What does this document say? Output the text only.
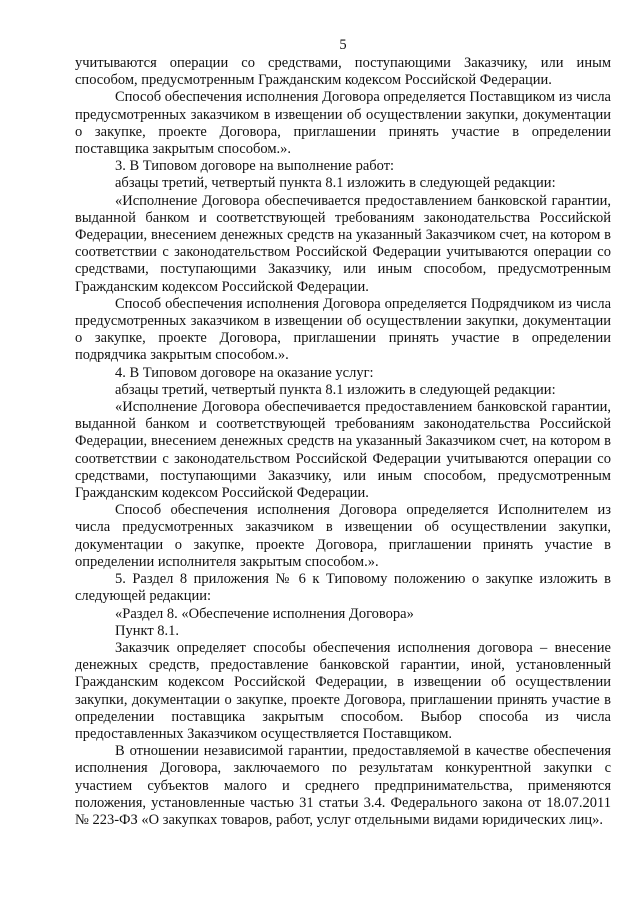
5

учитываются операции со средствами, поступающими Заказчику, или иным способом, предусмотренным Гражданским кодексом Российской Федерации.

Способ обеспечения исполнения Договора определяется Поставщиком из числа предусмотренных заказчиком в извещении об осуществлении закупки, документации о закупке, проекте Договора, приглашении принять участие в определении поставщика закрытым способом.».

3. В Типовом договоре на выполнение работ:

абзацы третий, четвертый пункта 8.1 изложить в следующей редакции:

«Исполнение Договора обеспечивается предоставлением банковской гарантии, выданной банком и соответствующей требованиям законодательства Российской Федерации, внесением денежных средств на указанный Заказчиком счет, на котором в соответствии с законодательством Российской Федерации учитываются операции со средствами, поступающими Заказчику, или иным способом, предусмотренным Гражданским кодексом Российской Федерации.

Способ обеспечения исполнения Договора определяется Подрядчиком из числа предусмотренных заказчиком в извещении об осуществлении закупки, документации о закупке, проекте Договора, приглашении принять участие в определении подрядчика закрытым способом.».

4. В Типовом договоре на оказание услуг:

абзацы третий, четвертый пункта 8.1 изложить в следующей редакции:

«Исполнение Договора обеспечивается предоставлением банковской гарантии, выданной банком и соответствующей требованиям законодательства Российской Федерации, внесением денежных средств на указанный Заказчиком счет, на котором в соответствии с законодательством Российской Федерации учитываются операции со средствами, поступающими Заказчику, или иным способом, предусмотренным Гражданским кодексом Российской Федерации.

Способ обеспечения исполнения Договора определяется Исполнителем из числа предусмотренных заказчиком в извещении об осуществлении закупки, документации о закупке, проекте Договора, приглашении принять участие в определении исполнителя закрытым способом.».

5. Раздел 8 приложения № 6 к Типовому положению о закупке изложить в следующей редакции:

«Раздел 8. «Обеспечение исполнения Договора»

Пункт 8.1.

Заказчик определяет способы обеспечения исполнения договора – внесение денежных средств, предоставление банковской гарантии, иной, установленный Гражданским кодексом Российской Федерации, в извещении об осуществлении закупки, документации о закупке, проекте Договора, приглашении принять участие в определении поставщика закрытым способом. Выбор способа из числа предоставленных Заказчиком осуществляется Поставщиком.

В отношении независимой гарантии, предоставляемой в качестве обеспечения исполнения Договора, заключаемого по результатам конкурентной закупки с участием субъектов малого и среднего предпринимательства, применяются положения, установленные частью 31 статьи 3.4. Федерального закона от 18.07.2011 № 223-ФЗ «О закупках товаров, работ, услуг отдельными видами юридических лиц».
